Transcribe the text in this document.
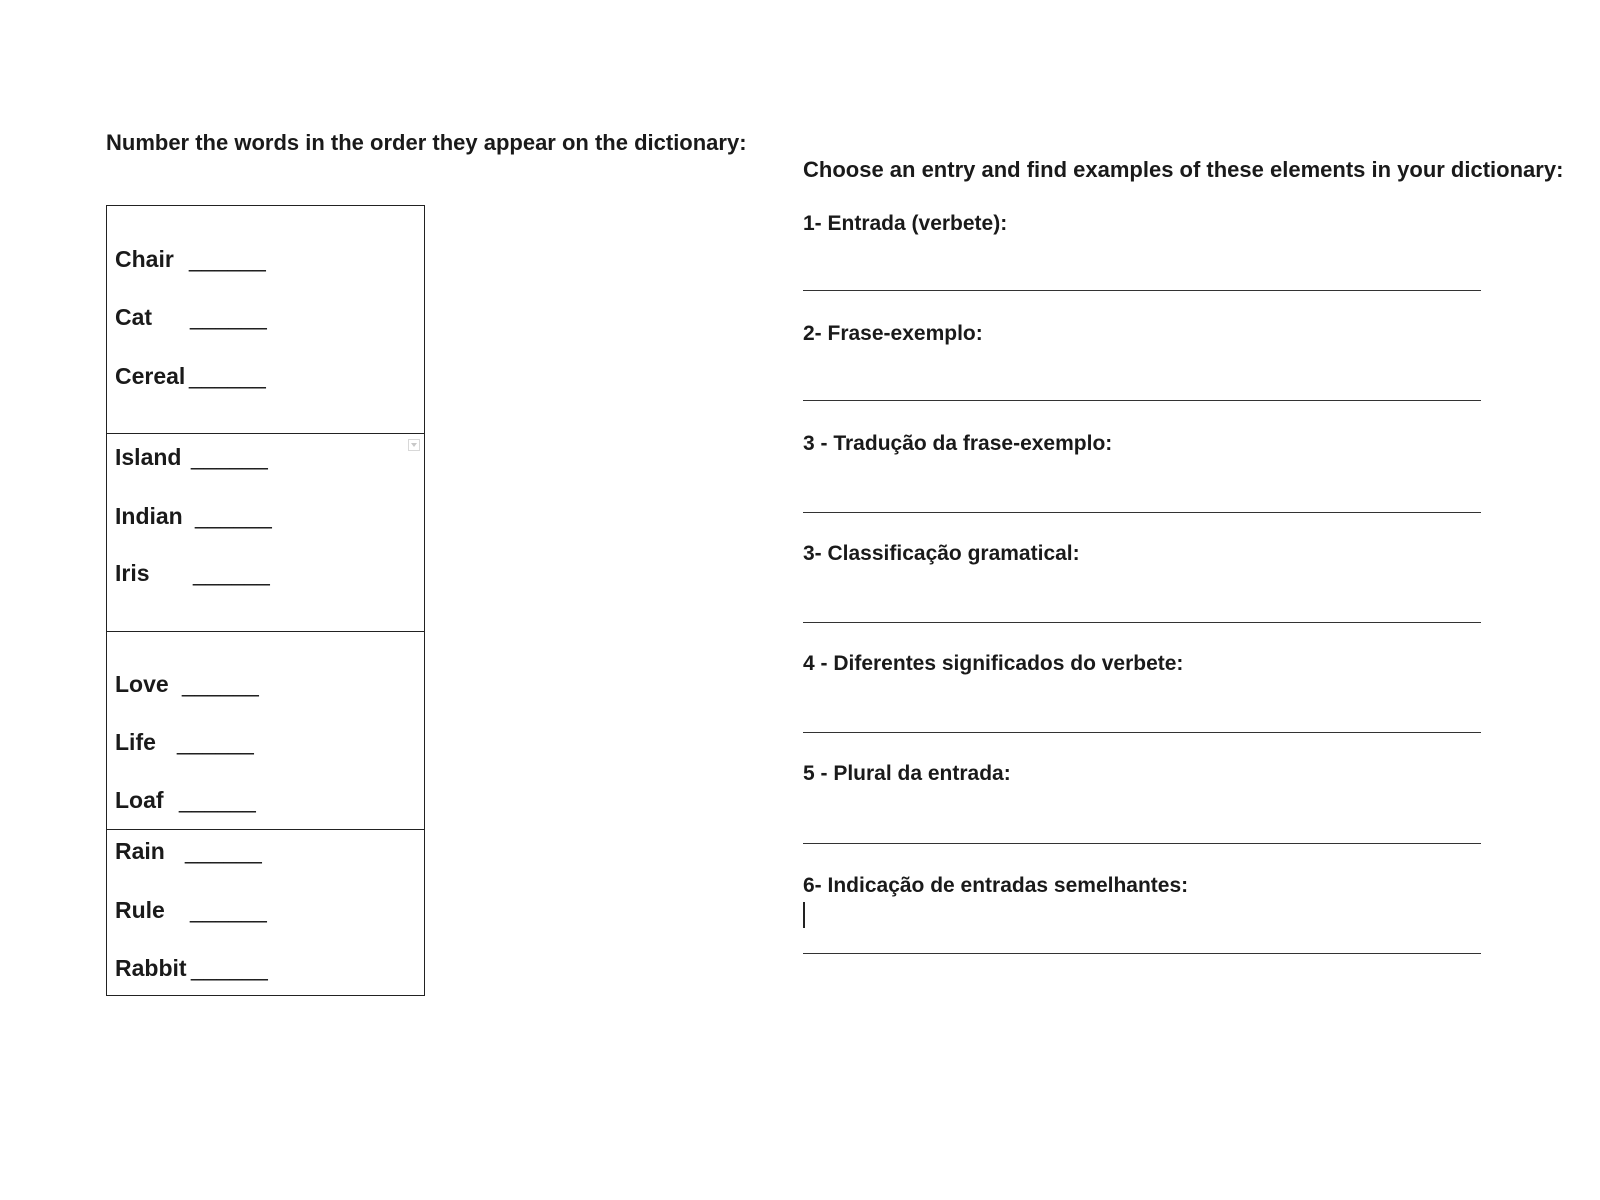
Number the words in the order they appear on the dictionary:
Choose an entry and find examples of these elements in your dictionary:
Chair ______
Cat ______
Cereal ______
Island ______
Indian ______
Iris ______
Love ______
Life ______
Loaf ______
Rain ______
Rule ______
Rabbit ______
1- Entrada (verbete):
2- Frase-exemplo:
3 - Tradução da frase-exemplo:
3- Classificação gramatical:
4 - Diferentes significados do verbete:
5 - Plural da entrada:
6- Indicação de entradas semelhantes:
